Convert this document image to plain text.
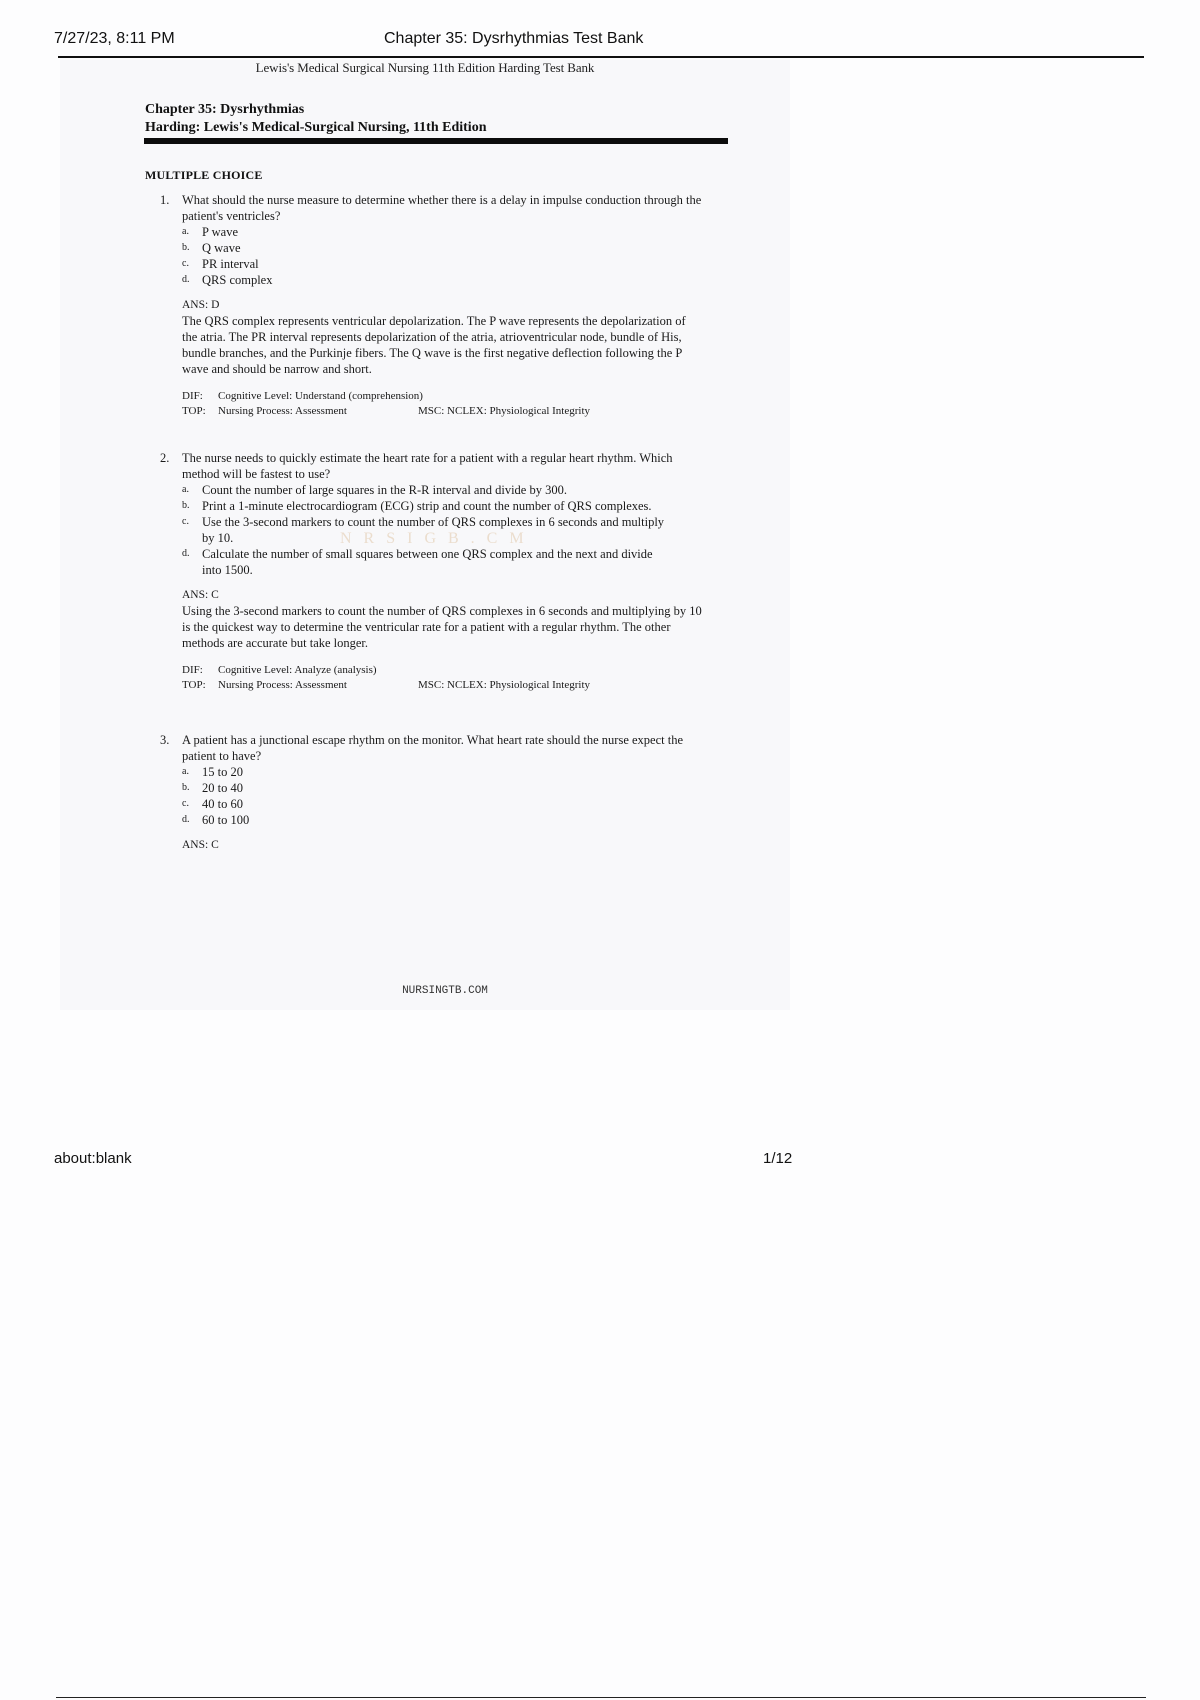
7/27/23, 8:11 PM	Chapter 35: Dysrhythmias Test Bank
Lewis's Medical Surgical Nursing 11th Edition Harding Test Bank
Chapter 35: Dysrhythmias
Harding: Lewis's Medical-Surgical Nursing, 11th Edition
MULTIPLE CHOICE
1. What should the nurse measure to determine whether there is a delay in impulse conduction through the patient's ventricles?
a. P wave
b. Q wave
c. PR interval
d. QRS complex
ANS: D
The QRS complex represents ventricular depolarization. The P wave represents the depolarization of the atria. The PR interval represents depolarization of the atria, atrioventricular node, bundle of His, bundle branches, and the Purkinje fibers. The Q wave is the first negative deflection following the P wave and should be narrow and short.
DIF: Cognitive Level: Understand (comprehension)
TOP: Nursing Process: Assessment	MSC: NCLEX: Physiological Integrity
2. The nurse needs to quickly estimate the heart rate for a patient with a regular heart rhythm. Which method will be fastest to use?
a. Count the number of large squares in the R-R interval and divide by 300.
b. Print a 1-minute electrocardiogram (ECG) strip and count the number of QRS complexes.
c. Use the 3-second markers to count the number of QRS complexes in 6 seconds and multiply by 10.
d. Calculate the number of small squares between one QRS complex and the next and divide into 1500.
ANS: C
Using the 3-second markers to count the number of QRS complexes in 6 seconds and multiplying by 10 is the quickest way to determine the ventricular rate for a patient with a regular rhythm. The other methods are accurate but take longer.
DIF: Cognitive Level: Analyze (analysis)
TOP: Nursing Process: Assessment	MSC: NCLEX: Physiological Integrity
3. A patient has a junctional escape rhythm on the monitor. What heart rate should the nurse expect the patient to have?
a. 15 to 20
b. 20 to 40
c. 40 to 60
d. 60 to 100
ANS: C
N R S I G B . C M
NURSINGTB.COM
about:blank	1/12
